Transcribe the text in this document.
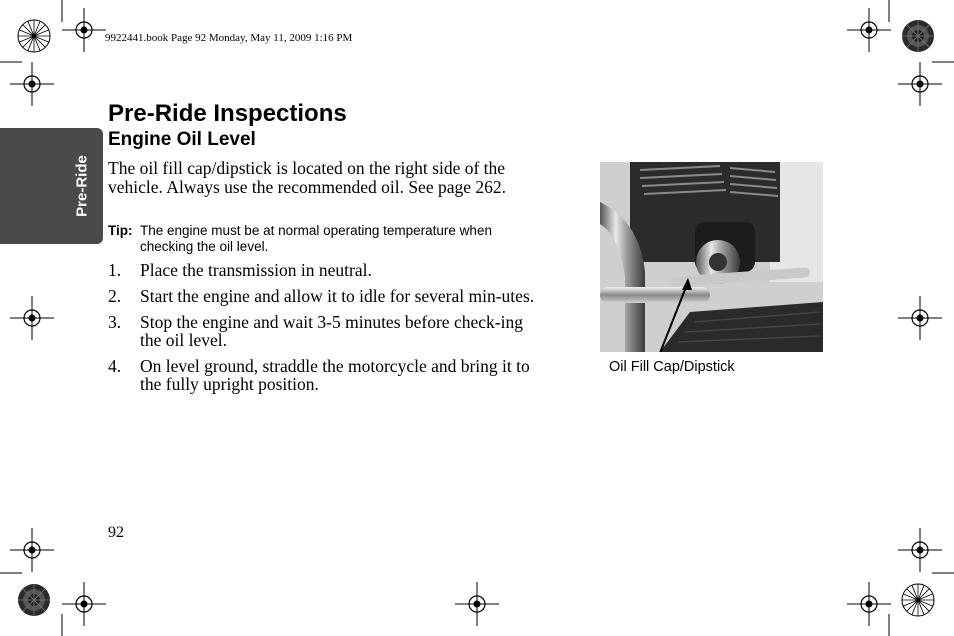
9922441.book Page 92 Monday, May 11, 2009 1:16 PM
Pre-Ride
Pre-Ride Inspections
Engine Oil Level

The oil fill cap/dipstick is located on the right side of the vehicle. Always use the recommended oil. See page 262.

Tip: The engine must be at normal operating temperature when checking the oil level.
1. Place the transmission in neutral.
2. Start the engine and allow it to idle for several min-utes.
3. Stop the engine and wait 3-5 minutes before check-ing the oil level.
4. On level ground, straddle the motorcycle and bring it to the fully upright position.
92

Oil Fill Cap/Dipstick
